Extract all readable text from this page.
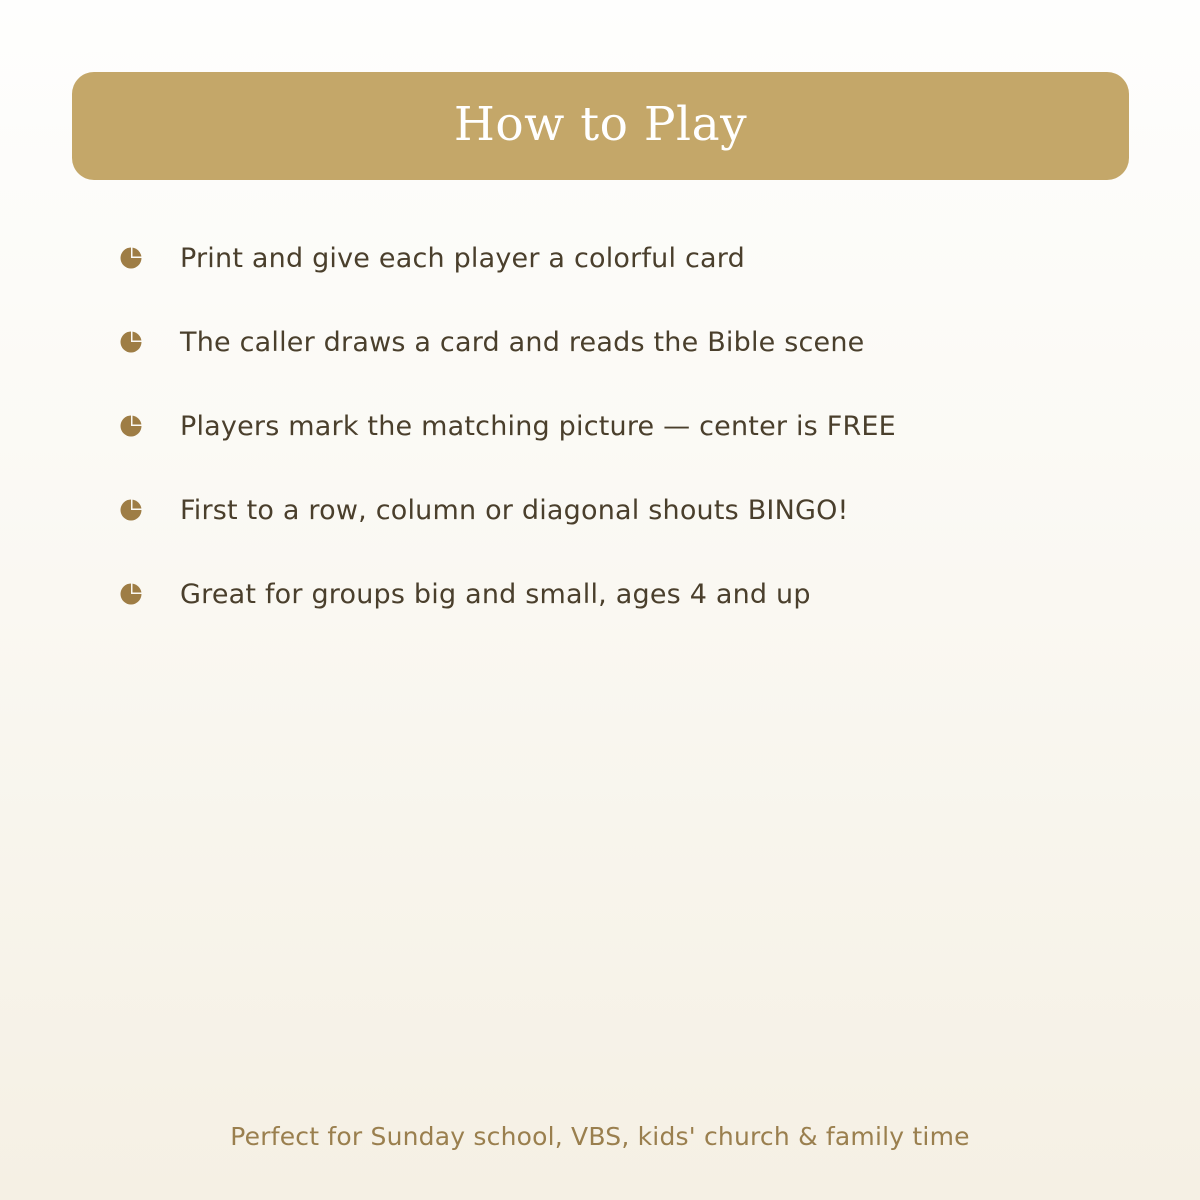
How to Play
Print and give each player a colorful card
The caller draws a card and reads the Bible scene
Players mark the matching picture — center is FREE
First to a row, column or diagonal shouts BINGO!
Great for groups big and small, ages 4 and up
Perfect for Sunday school, VBS, kids' church & family time
